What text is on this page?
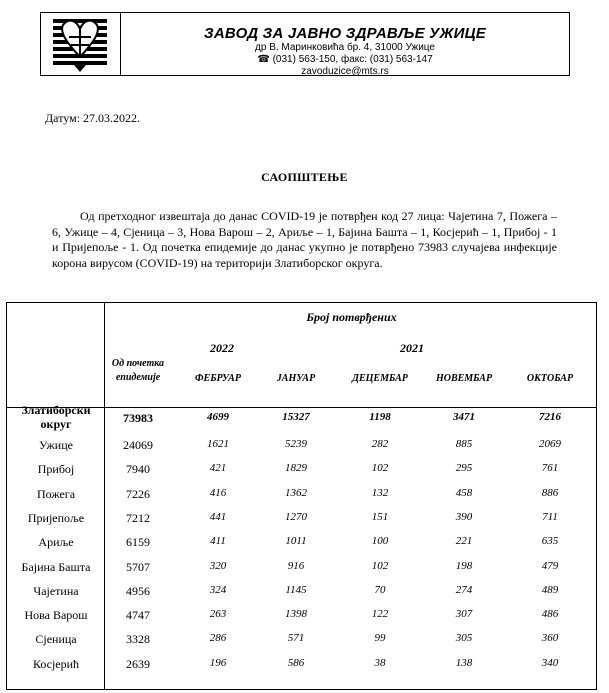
ЗАВОД ЗА ЈАВНО ЗДРАВЉЕ УЖИЦЕ
др В. Маринковића бр. 4, 31000 Ужице
☎ (031) 563-150, факс: (031) 563-147
zavoduzice@mts.rs
Датум: 27.03.2022.
САОПШТЕЊЕ
Од претходног извештаја до данас COVID-19 је потврђен код 27 лица: Чајетина 7, Пожега – 6, Ужице – 4, Сјеница – 3, Нова Варош – 2, Ариље – 1, Бајина Башта – 1, Косјерић – 1, Прибој - 1 и Пријепоље - 1. Од почетка епидемије до данас укупно је потврђено 73983 случајева инфекције корона вирусом (COVID-19) на територији Златиборског округа.
Број потврђених
2022	2021
Од почетка епидемије	ФЕБРУАР	ЈАНУАР	ДЕЦЕМБАР	НОВЕМБАР	ОКТОБАР
Златиборски округ	73983	4699	15327	1198	3471	7216
Ужице	24069	1621	5239	282	885	2069
Прибој	7940	421	1829	102	295	761
Пожега	7226	416	1362	132	458	886
Пријепоље	7212	441	1270	151	390	711
Ариље	6159	411	1011	100	221	635
Бајина Башта	5707	320	916	102	198	479
Чајетина	4956	324	1145	70	274	489
Нова Варош	4747	263	1398	122	307	486
Сјеница	3328	286	571	99	305	360
Косјерић	2639	196	586	38	138	340
